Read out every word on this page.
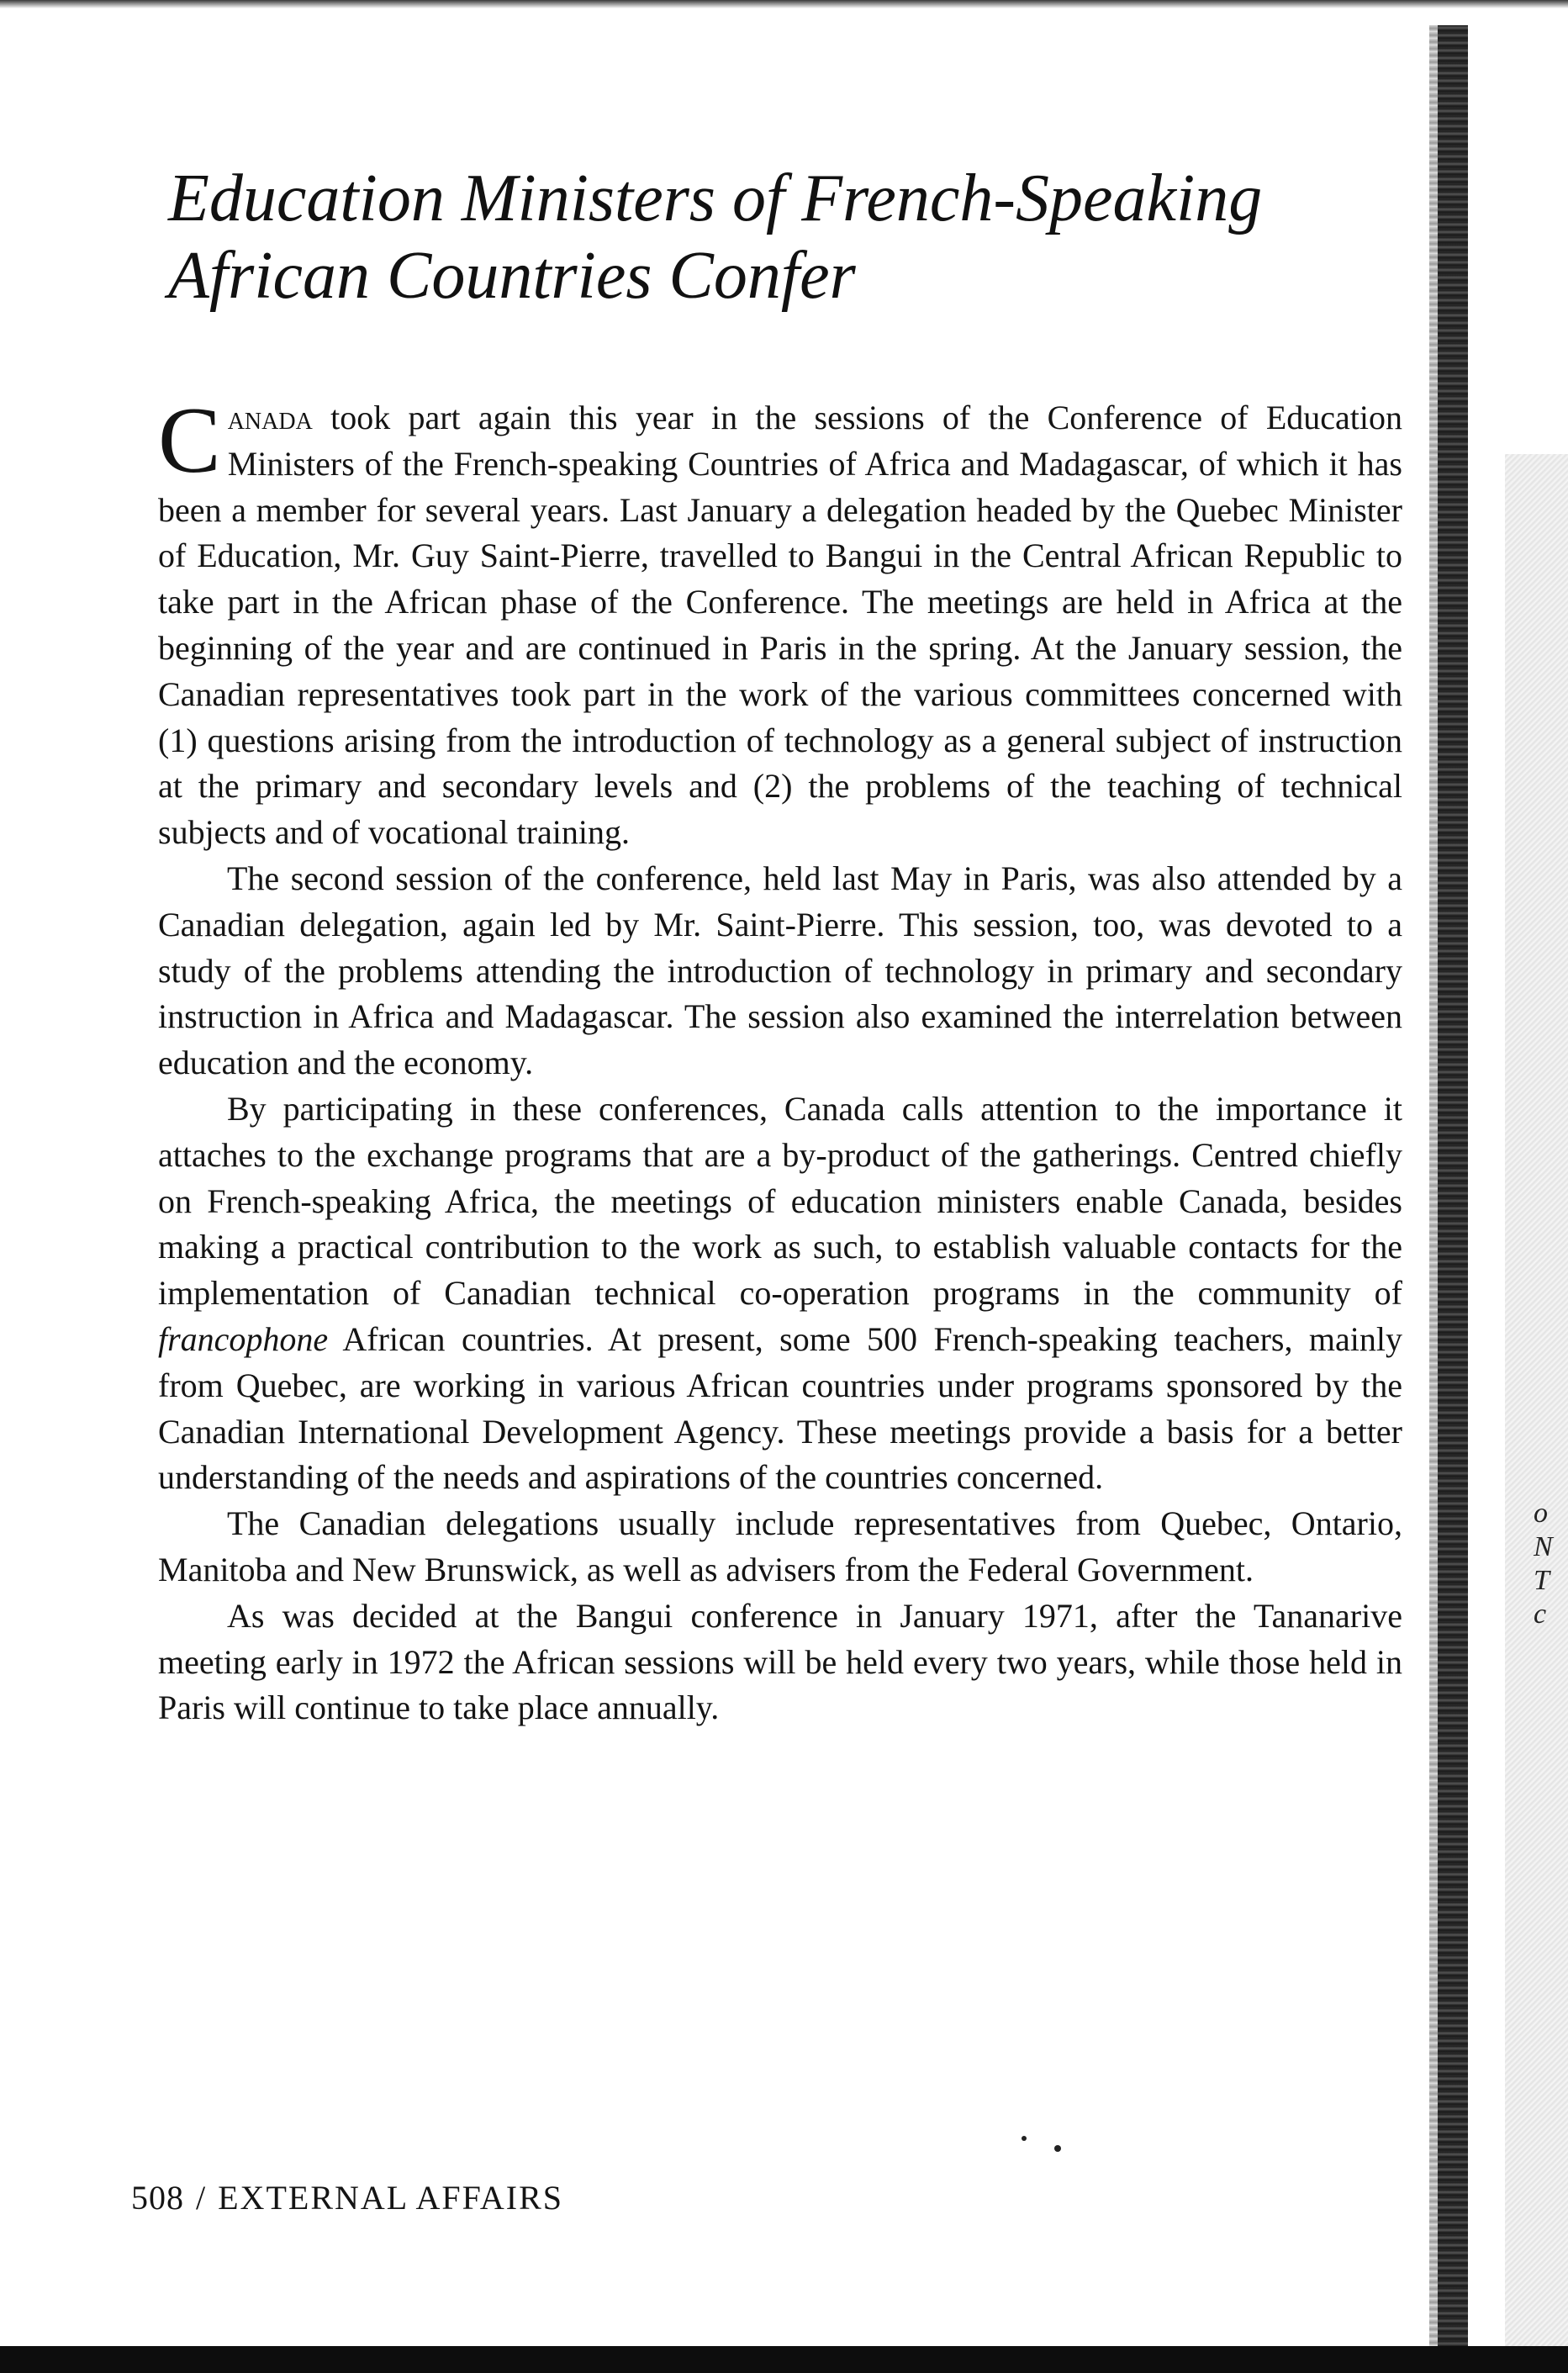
o
N
T
c
Education Ministers of French-Speaking
African Countries Confer

Canada took part again this year in the sessions of the Conference of Education Ministers of the French-speaking Countries of Africa and Madagascar, of which it has been a member for several years. Last January a delegation headed by the Quebec Minister of Education, Mr. Guy Saint-Pierre, travelled to Bangui in the Central African Republic to take part in the African phase of the Conference. The meetings are held in Africa at the beginning of the year and are continued in Paris in the spring. At the January session, the Canadian representatives took part in the work of the various committees concerned with (1) questions arising from the introduction of technology as a general subject of instruction at the primary and secondary levels and (2) the problems of the teaching of technical subjects and of vocational training.

The second session of the conference, held last May in Paris, was also attended by a Canadian delegation, again led by Mr. Saint-Pierre. This session, too, was devoted to a study of the problems attending the introduction of technology in primary and secondary instruction in Africa and Madagascar. The session also examined the interrelation between education and the economy.

By participating in these conferences, Canada calls attention to the importance it attaches to the exchange programs that are a by-product of the gatherings. Centred chiefly on French-speaking Africa, the meetings of education ministers enable Canada, besides making a practical contribution to the work as such, to establish valuable contacts for the implementation of Canadian technical co-operation programs in the community of francophone African countries. At present, some 500 French-speaking teachers, mainly from Quebec, are working in various African countries under programs sponsored by the Canadian International Development Agency. These meetings provide a basis for a better understanding of the needs and aspirations of the countries concerned.

The Canadian delegations usually include representatives from Quebec, Ontario, Manitoba and New Brunswick, as well as advisers from the Federal Government.

As was decided at the Bangui conference in January 1971, after the Tananarive meeting early in 1972 the African sessions will be held every two years, while those held in Paris will continue to take place annually.

508 / EXTERNAL AFFAIRS
